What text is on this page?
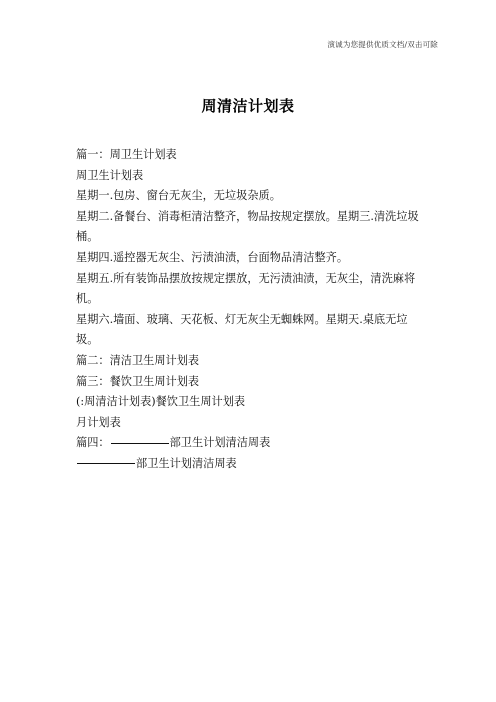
演诚为您提供优质文档/双击可除
周清洁计划表

篇一：周卫生计划表

周卫生计划表

星期一.包房、窗台无灰尘，无垃圾杂质。

星期二.备餐台、消毒柜清洁整齐，物品按规定摆放。星期三.清洗垃圾桶。

星期四.遥控器无灰尘、污渍油渍，台面物品清洁整齐。

星期五.所有装饰品摆放按规定摆放，无污渍油渍，无灰尘，清洗麻将机。

星期六.墙面、玻璃、天花板、灯无灰尘无蜘蛛网。星期天.桌底无垃圾。

篇二：清洁卫生周计划表

篇三：餐饮卫生周计划表

(:周清洁计划表)餐饮卫生周计划表

月计划表

篇四：	部卫生计划清洁周表

部卫生计划清洁周表
